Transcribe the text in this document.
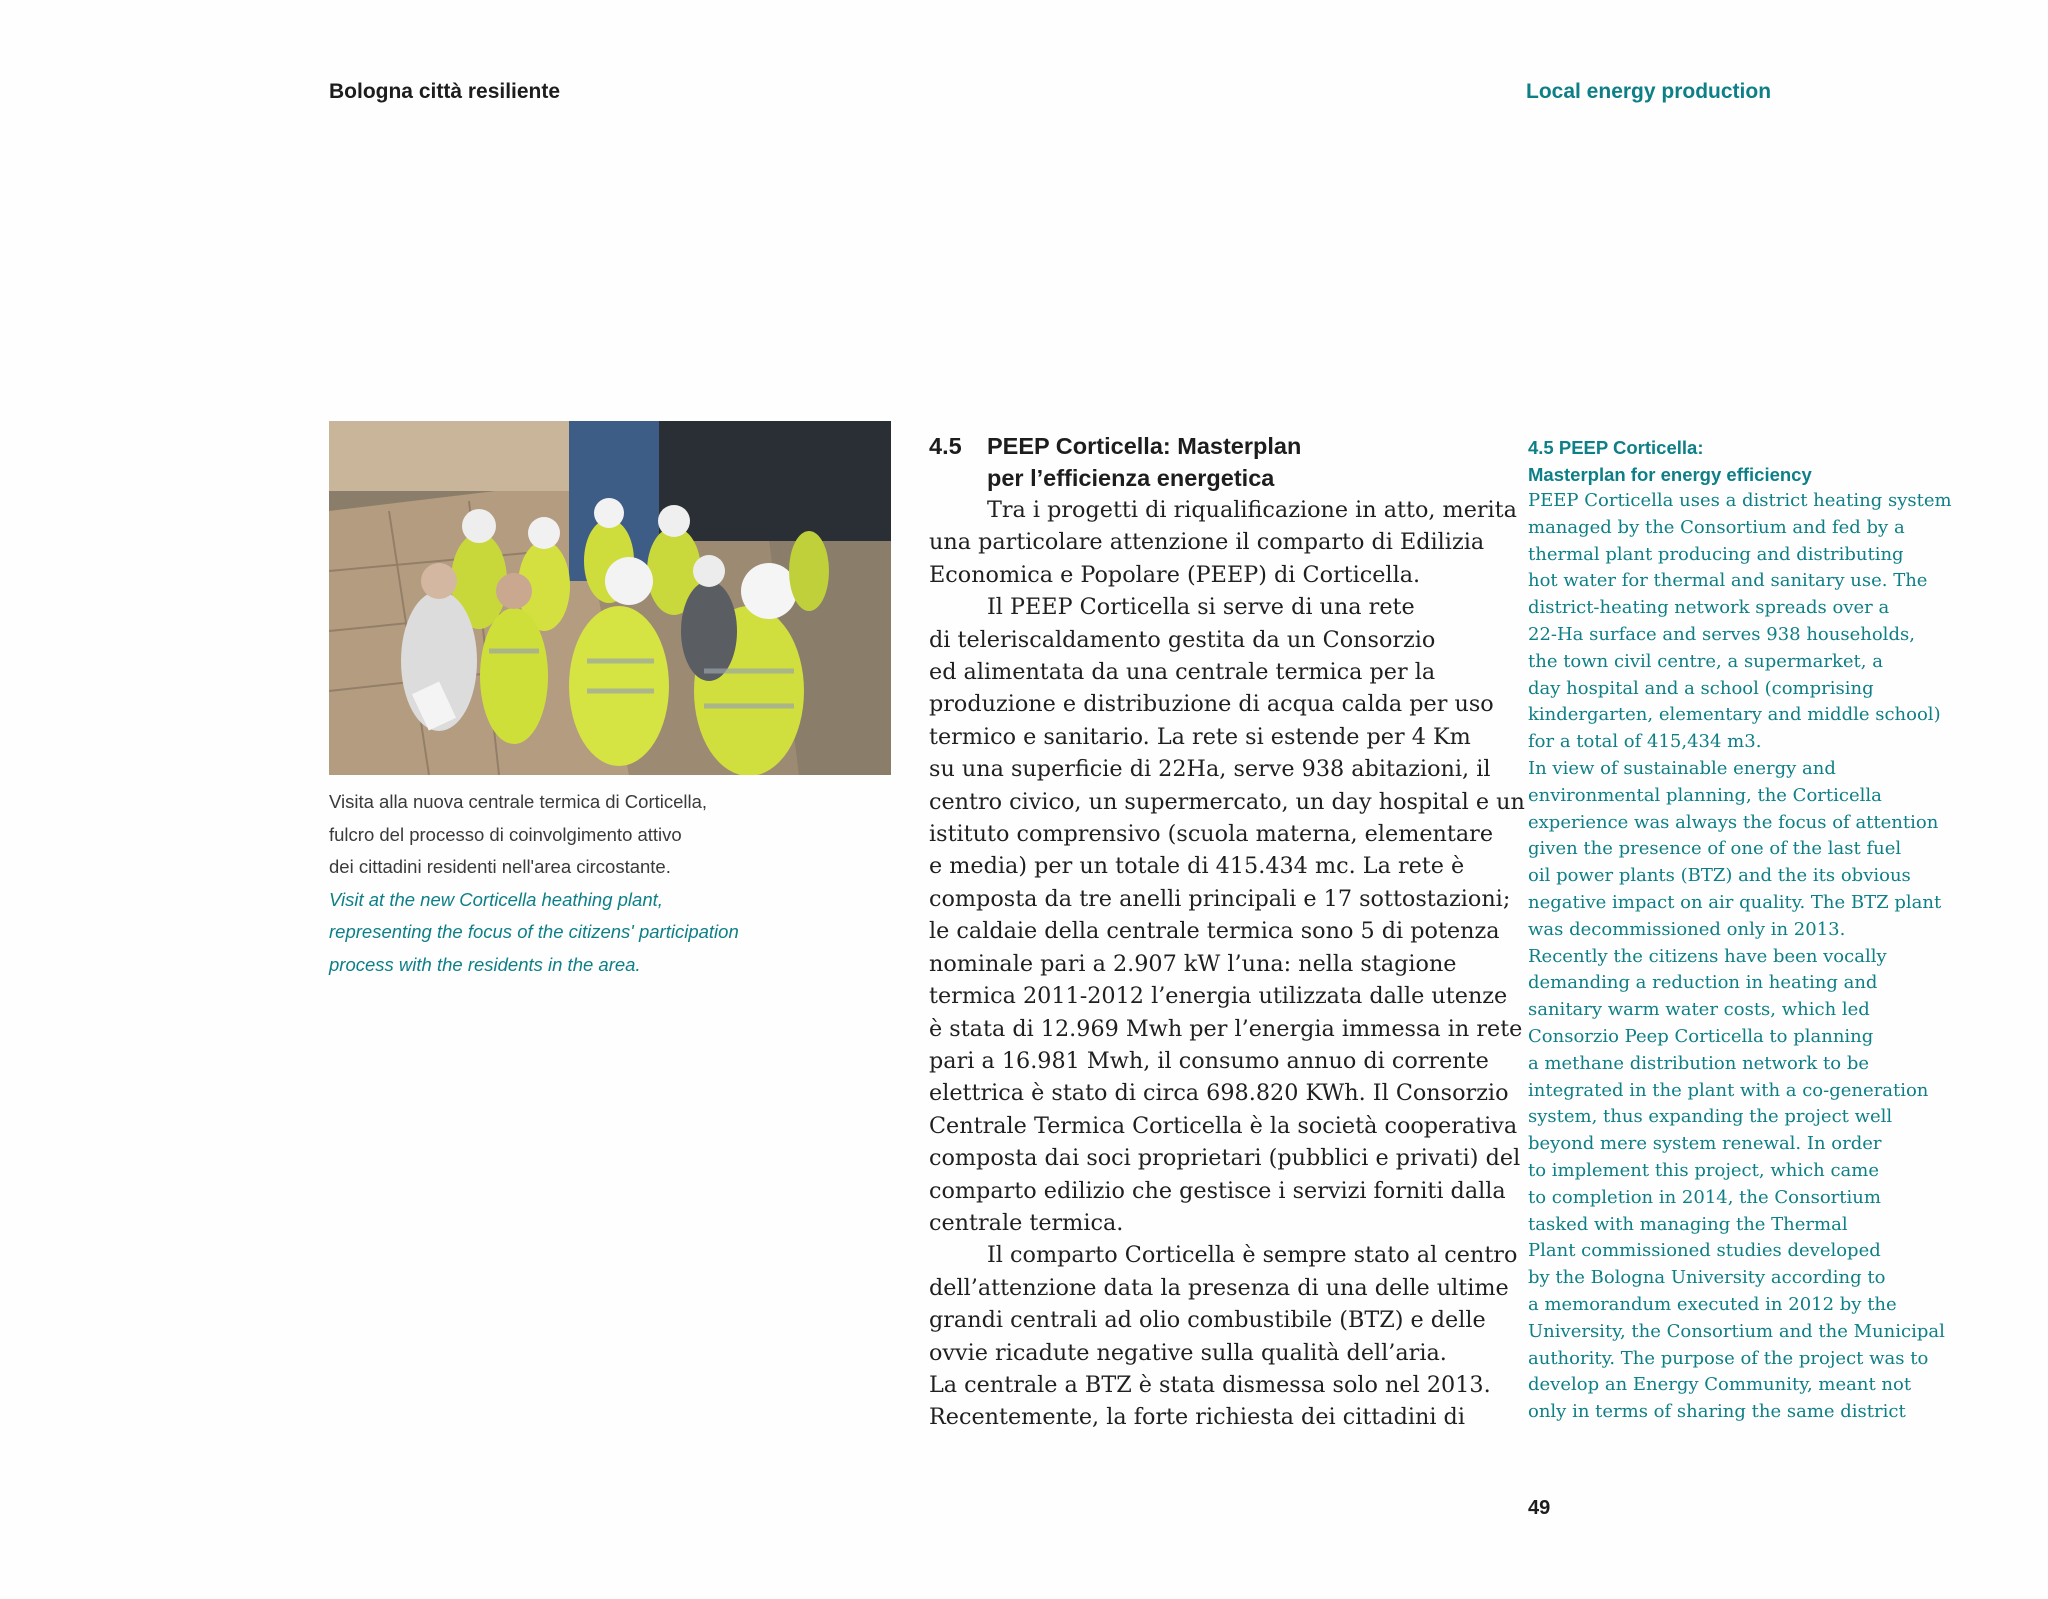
Bologna città resiliente	Local energy production
Visita alla nuova centrale termica di Corticella,
fulcro del processo di coinvolgimento attivo
dei cittadini residenti nell'area circostante.
Visit at the new Corticella heathing plant,
representing the focus of the citizens' participation
process with the residents in the area.
4.5 PEEP Corticella: Masterplan
per l’efficienza energetica
Tra i progetti di riqualificazione in atto, merita
una particolare attenzione il comparto di Edilizia
Economica e Popolare (PEEP) di Corticella.
Il PEEP Corticella si serve di una rete
di teleriscaldamento gestita da un Consorzio
ed alimentata da una centrale termica per la
produzione e distribuzione di acqua calda per uso
termico e sanitario. La rete si estende per 4 Km
su una superficie di 22Ha, serve 938 abitazioni, il
centro civico, un supermercato, un day hospital e un
istituto comprensivo (scuola materna, elementare
e media) per un totale di 415.434 mc. La rete è
composta da tre anelli principali e 17 sottostazioni;
le caldaie della centrale termica sono 5 di potenza
nominale pari a 2.907 kW l’una: nella stagione
termica 2011-2012 l’energia utilizzata dalle utenze
è stata di 12.969 Mwh per l’energia immessa in rete
pari a 16.981 Mwh, il consumo annuo di corrente
elettrica è stato di circa 698.820 KWh. Il Consorzio
Centrale Termica Corticella è la società cooperativa
composta dai soci proprietari (pubblici e privati) del
comparto edilizio che gestisce i servizi forniti dalla
centrale termica.
Il comparto Corticella è sempre stato al centro
dell’attenzione data la presenza di una delle ultime
grandi centrali ad olio combustibile (BTZ) e delle
ovvie ricadute negative sulla qualità dell’aria.
La centrale a BTZ è stata dismessa solo nel 2013.
Recentemente, la forte richiesta dei cittadini di
4.5 PEEP Corticella:
Masterplan for energy efficiency
PEEP Corticella uses a district heating system
managed by the Consortium and fed by a
thermal plant producing and distributing
hot water for thermal and sanitary use. The
district-heating network spreads over a
22-Ha surface and serves 938 households,
the town civil centre, a supermarket, a
day hospital and a school (comprising
kindergarten, elementary and middle school)
for a total of 415,434 m3.
In view of sustainable energy and
environmental planning, the Corticella
experience was always the focus of attention
given the presence of one of the last fuel
oil power plants (BTZ) and the its obvious
negative impact on air quality. The BTZ plant
was decommissioned only in 2013.
Recently the citizens have been vocally
demanding a reduction in heating and
sanitary warm water costs, which led
Consorzio Peep Corticella to planning
a methane distribution network to be
integrated in the plant with a co-generation
system, thus expanding the project well
beyond mere system renewal. In order
to implement this project, which came
to completion in 2014, the Consortium
tasked with managing the Thermal
Plant commissioned studies developed
by the Bologna University according to
a memorandum executed in 2012 by the
University, the Consortium and the Municipal
authority. The purpose of the project was to
develop an Energy Community, meant not
only in terms of sharing the same district
49
